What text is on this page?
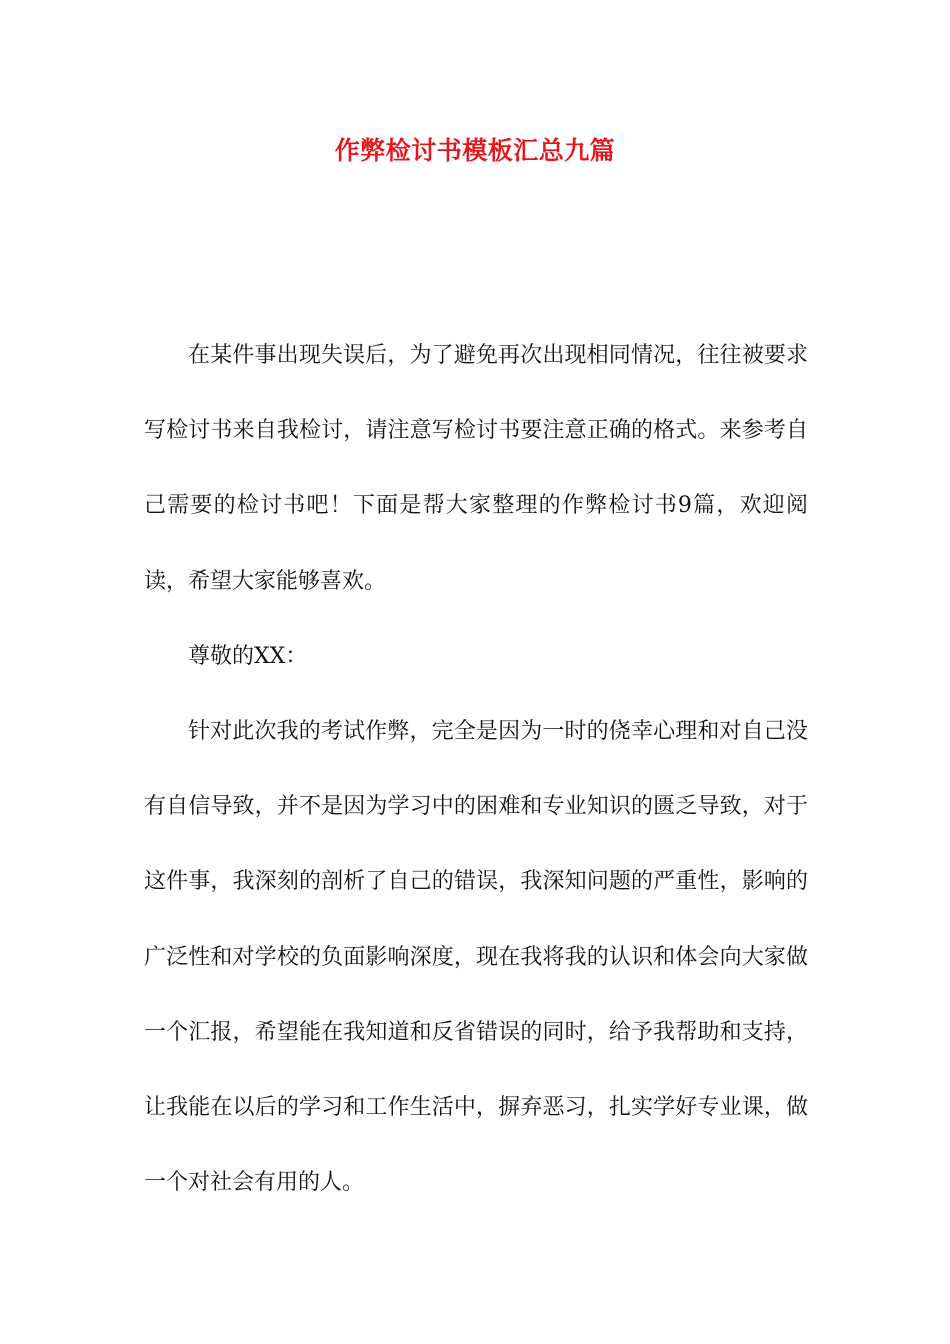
作弊检讨书模板汇总九篇

在某件事出现失误后，为了避免再次出现相同情况，往往被要求写检讨书来自我检讨，请注意写检讨书要注意正确的格式。来参考自己需要的检讨书吧！下面是帮大家整理的作弊检讨书9篇，欢迎阅读，希望大家能够喜欢。

尊敬的XX：

针对此次我的考试作弊，完全是因为一时的侥幸心理和对自己没有自信导致，并不是因为学习中的困难和专业知识的匮乏导致，对于这件事，我深刻的剖析了自己的错误，我深知问题的严重性，影响的广泛性和对学校的负面影响深度，现在我将我的认识和体会向大家做一个汇报，希望能在我知道和反省错误的同时，给予我帮助和支持，让我能在以后的学习和工作生活中，摒弃恶习，扎实学好专业课，做一个对社会有用的人。
